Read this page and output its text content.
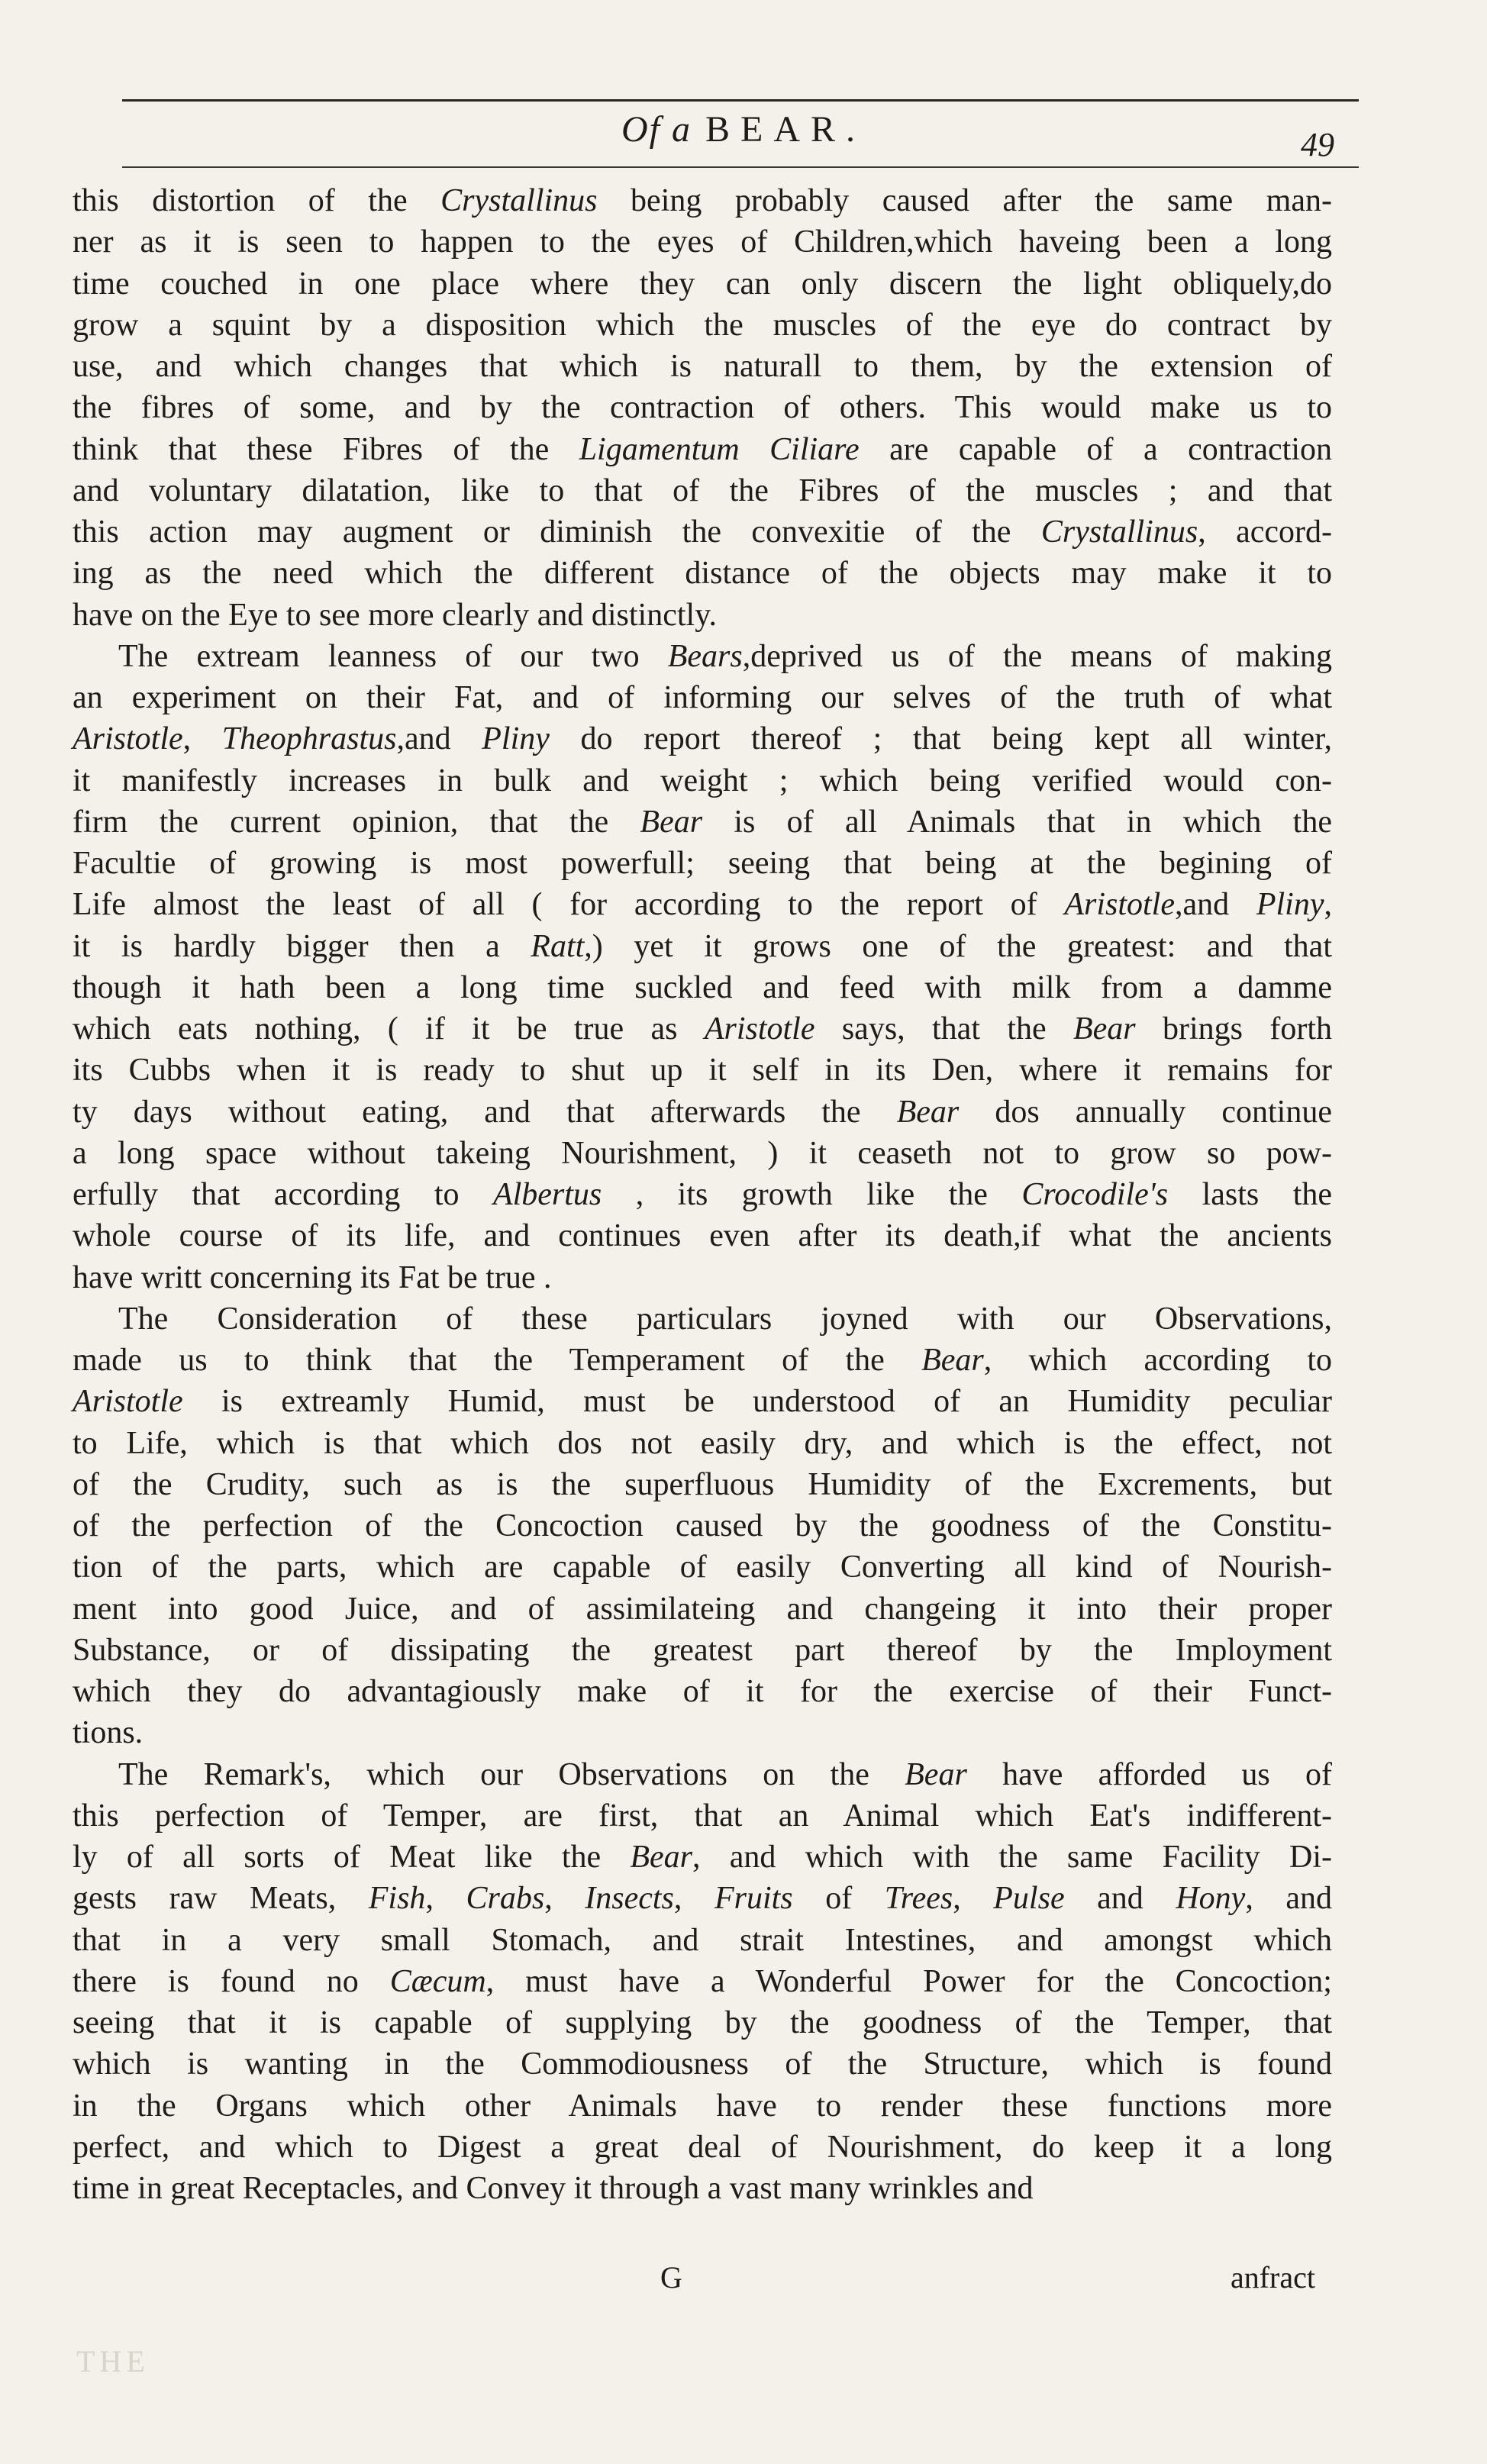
Of a BEAR.	49
this distortion of the Crystallinus being probably caused after the same man-
ner as it is seen to happen to the eyes of Children,which haveing been a long
time couched in one place where they can only discern the light obliquely,do
grow a squint by a disposition which the muscles of the eye do contract by
use, and which changes that which is naturall to them, by the extension of
the fibres of some, and by the contraction of others. This would make us to
think that these Fibres of the Ligamentum Ciliare are capable of a contraction
and voluntary dilatation, like to that of the Fibres of the muscles ; and that
this action may augment or diminish the convexitie of the Crystallinus, accord-
ing as the need which the different distance of the objects may make it to
have on the Eye to see more clearly and distinctly.
The extream leanness of our two Bears,deprived us of the means of making
an experiment on their Fat, and of informing our selves of the truth of what
Aristotle, Theophrastus,and Pliny do report thereof ; that being kept all winter,
it manifestly increases in bulk and weight ; which being verified would con-
firm the current opinion, that the Bear is of all Animals that in which the
Facultie of growing is most powerfull; seeing that being at the begining of
Life almost the least of all ( for according to the report of Aristotle,and Pliny,
it is hardly bigger then a Ratt,) yet it grows one of the greatest: and that
though it hath been a long time suckled and feed with milk from a damme
which eats nothing, ( if it be true as Aristotle says, that the Bear brings forth
its Cubbs when it is ready to shut up it self in its Den, where it remains for
ty days without eating, and that afterwards the Bear dos annually continue
a long space without takeing Nourishment, ) it ceaseth not to grow so pow-
erfully that according to Albertus , its growth like the Crocodile's lasts the
whole course of its life, and continues even after its death,if what the ancients
have writt concerning its Fat be true .
The Consideration of these particulars joyned with our Observations,
made us to think that the Temperament of the Bear, which according to
Aristotle is extreamly Humid, must be understood of an Humidity peculiar
to Life, which is that which dos not easily dry, and which is the effect, not
of the Crudity, such as is the superfluous Humidity of the Excrements, but
of the perfection of the Concoction caused by the goodness of the Constitu-
tion of the parts, which are capable of easily Converting all kind of Nourish-
ment into good Juice, and of assimilateing and changeing it into their proper
Substance, or of dissipating the greatest part thereof by the Imployment
which they do advantagiously make of it for the exercise of their Funct-
tions.
The Remark's, which our Observations on the Bear have afforded us of
this perfection of Temper, are first, that an Animal which Eat's indifferent-
ly of all sorts of Meat like the Bear, and which with the same Facility Di-
gests raw Meats, Fish, Crabs, Insects, Fruits of Trees, Pulse and Hony, and
that in a very small Stomach, and strait Intestines, and amongst which
there is found no Cæcum, must have a Wonderful Power for the Concoction;
seeing that it is capable of supplying by the goodness of the Temper, that
which is wanting in the Commodiousness of the Structure, which is found
in the Organs which other Animals have to render these functions more
perfect, and which to Digest a great deal of Nourishment, do keep it a long
time in great Receptacles, and Convey it through a vast many wrinkles and
G	anfract
THE
